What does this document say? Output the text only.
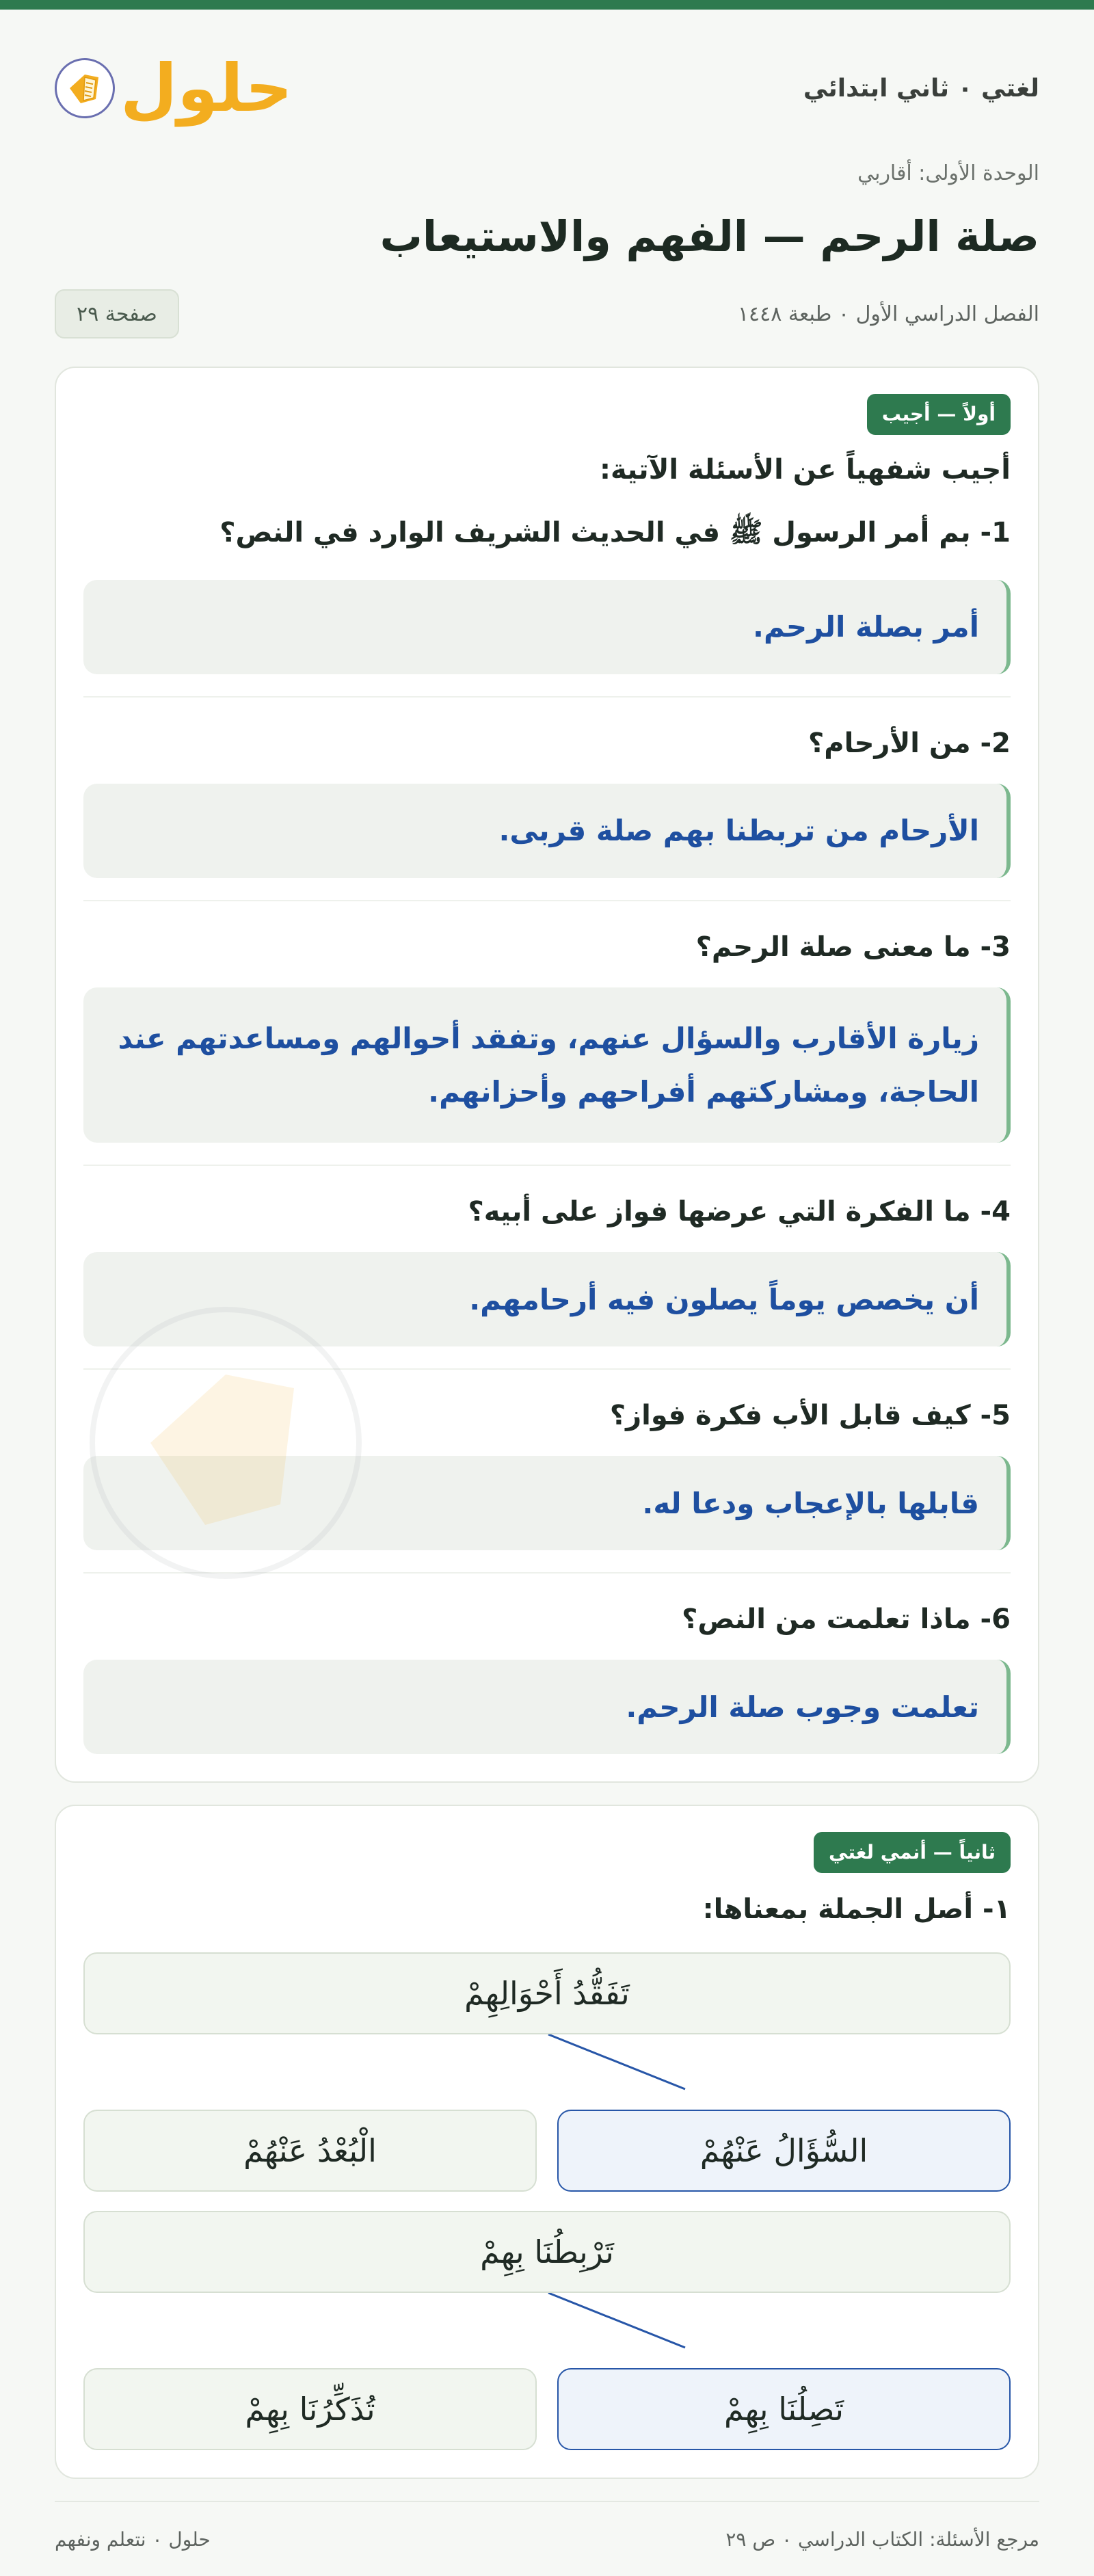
لغتي ٠ ثاني ابتدائي
حلول
الوحدة الأولى: أقاربي
صلة الرحم — الفهم والاستيعاب
الفصل الدراسي الأول ٠ طبعة ١٤٤٨
صفحة ٢٩
أولاً — أجيب
أجيب شفهياً عن الأسئلة الآتية:
1- بم أمر الرسول ﷺ في الحديث الشريف الوارد في النص؟
أمر بصلة الرحم.
2- من الأرحام؟
الأرحام من تربطنا بهم صلة قربى.
3- ما معنى صلة الرحم؟
زيارة الأقارب والسؤال عنهم، وتفقد أحوالهم ومساعدتهم عند الحاجة، ومشاركتهم أفراحهم وأحزانهم.
4- ما الفكرة التي عرضها فواز على أبيه؟
أن يخصص يوماً يصلون فيه أرحامهم.
5- كيف قابل الأب فكرة فواز؟
قابلها بالإعجاب ودعا له.
6- ماذا تعلمت من النص؟
تعلمت وجوب صلة الرحم.
ثانياً — أنمي لغتي
١- أصل الجملة بمعناها:
تَفَقُّدُ أَحْوَالِهِمْ
السُّؤَالُ عَنْهُمْ
الْبُعْدُ عَنْهُمْ
تَرْبِطُنَا بِهِمْ
تَصِلُنَا بِهِمْ
تُذَكِّرُنَا بِهِمْ
مرجع الأسئلة: الكتاب الدراسي ٠ ص ٢٩
حلول ٠ نتعلم ونفهم
